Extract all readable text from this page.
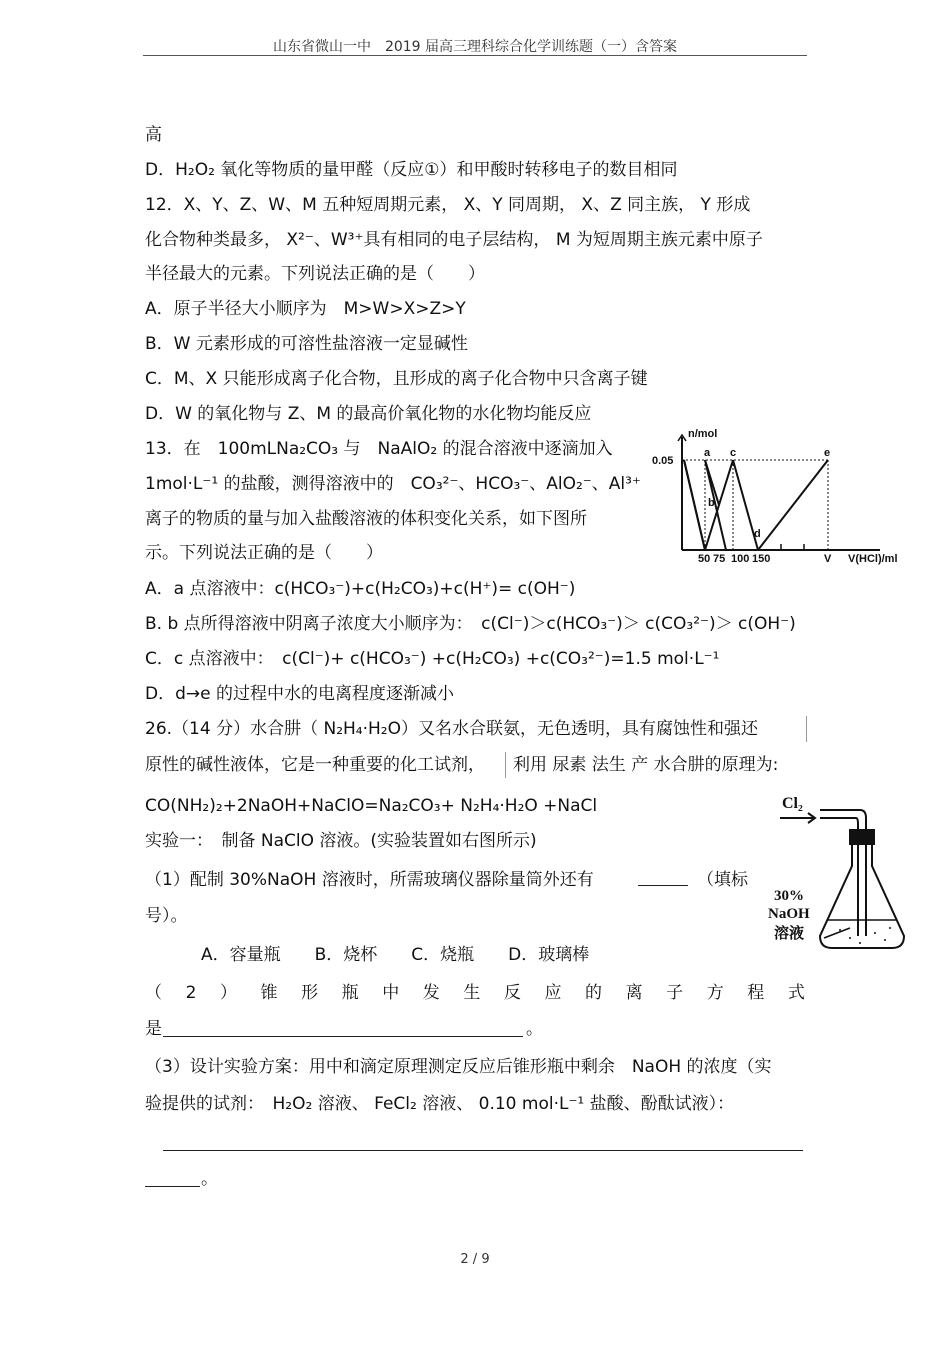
山东省微山一中　2019 届高三理科综合化学训练题（一）含答案
高
D．H₂O₂ 氧化等物质的量甲醛（反应①）和甲酸时转移电子的数目相同
12．X、Y、Z、W、M 五种短周期元素， X、Y 同周期， X、Z 同主族， Y 形成
化合物种类最多， X²⁻、W³⁺具有相同的电子层结构， M 为短周期主族元素中原子
半径最大的元素。下列说法正确的是（　　）
A．原子半径大小顺序为　M>W>X>Z>Y
B．W 元素形成的可溶性盐溶液一定显碱性
C．M、X 只能形成离子化合物，且形成的离子化合物中只含离子键
D．W 的氧化物与 Z、M 的最高价氧化物的水化物均能反应
13．在　100mLNa₂CO₃ 与　NaAlO₂ 的混合溶液中逐滴加入
1mol·L⁻¹ 的盐酸，测得溶液中的　CO₃²⁻、HCO₃⁻、AlO₂⁻、Al³⁺
离子的物质的量与加入盐酸溶液的体积变化关系，如下图所
示。下列说法正确的是（　　）
n/mol
0.05
a
b
c
d
e
50 75 100 150	V V(HCl)/ml
A．a 点溶液中：c(HCO₃⁻)+c(H₂CO₃)+c(H⁺)= c(OH⁻)
B. b 点所得溶液中阴离子浓度大小顺序为：　c(Cl⁻)＞c(HCO₃⁻)＞ c(CO₃²⁻)＞ c(OH⁻)
C．c 点溶液中：　c(Cl⁻)+ c(HCO₃⁻) +c(H₂CO₃) +c(CO₃²⁻)=1.5 mol·L⁻¹
D．d→e 的过程中水的电离程度逐渐减小
26.（14 分）水合肼（ N₂H₄·H₂O）又名水合联氨，无色透明，具有腐蚀性和强还
原性的碱性液体，它是一种重要的化工试剂， 利用 尿素 法生 产 水合肼的原理为:
CO(NH₂)₂+2NaOH+NaClO=Na₂CO₃+ N₂H₄·H₂O +NaCl
实验一：　制备 NaClO 溶液。(实验装置如右图所示)
（1）配制 30%NaOH 溶液时，所需玻璃仪器除量筒外还有	（填标
号）。
A．容量瓶　　B．烧杯　　C．烧瓶　　D．玻璃棒
（ 2 ） 锥 形 瓶 中 发 生 反 应 的 离 子 方 程 式
是	。
（3）设计实验方案：用中和滴定原理测定反应后锥形瓶中剩余　NaOH 的浓度（实
验提供的试剂：　H₂O₂ 溶液、 FeCl₂ 溶液、 0.10 mol·L⁻¹ 盐酸、酚酞试液）：
。
Cl₂
30%
NaOH
溶液
2 / 9
